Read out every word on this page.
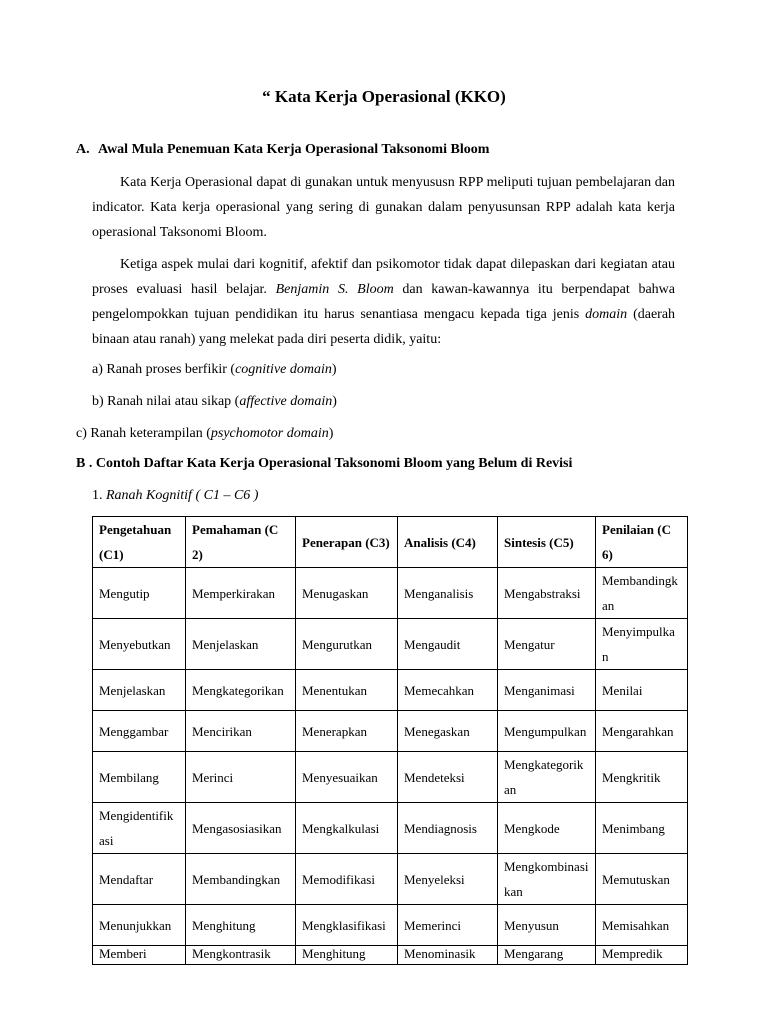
“ Kata Kerja Operasional (KKO)
A. Awal Mula Penemuan Kata Kerja Operasional Taksonomi Bloom
Kata Kerja Operasional dapat di gunakan untuk menyususn RPP meliputi tujuan pembelajaran dan indicator. Kata kerja operasional yang sering di gunakan dalam penyusunsan RPP adalah kata kerja operasional Taksonomi Bloom.
Ketiga aspek mulai dari kognitif, afektif dan psikomotor tidak dapat dilepaskan dari kegiatan atau proses evaluasi hasil belajar. Benjamin S. Bloom dan kawan-kawannya itu berpendapat bahwa pengelompokkan tujuan pendidikan itu harus senantiasa mengacu kepada tiga jenis domain (daerah binaan atau ranah) yang melekat pada diri peserta didik, yaitu:
a) Ranah proses berfikir (cognitive domain)
b) Ranah nilai atau sikap (affective domain)
c) Ranah keterampilan (psychomotor domain)
B . Contoh Daftar Kata Kerja Operasional Taksonomi Bloom yang Belum di Revisi
1. Ranah Kognitif ( C1 – C6 )
Pengetahuan (C1)	Pemahaman (C2)	Penerapan (C3)	Analisis (C4)	Sintesis (C5)	Penilaian (C6)
Mengutip	Memperkirakan	Menugaskan	Menganalisis	Mengabstraksi	Membandingkan
Menyebutkan	Menjelaskan	Mengurutkan	Mengaudit	Mengatur	Menyimpulkan
Menjelaskan	Mengkategorikan	Menentukan	Memecahkan	Menganimasi	Menilai
Menggambar	Mencirikan	Menerapkan	Menegaskan	Mengumpulkan	Mengarahkan
Membilang	Merinci	Menyesuaikan	Mendeteksi	Mengkategorikan	Mengkritik
Mengidentifikasi	Mengasosiasikan	Mengkalkulasi	Mendiagnosis	Mengkode	Menimbang
Mendaftar	Membandingkan	Memodifikasi	Menyeleksi	Mengkombinasikan	Memutuskan
Menunjukkan	Menghitung	Mengklasifikasi	Memerinci	Menyusun	Memisahkan
Memberi	Mengkontrasik	Menghitung	Menominasik	Mengarang	Mempredik
